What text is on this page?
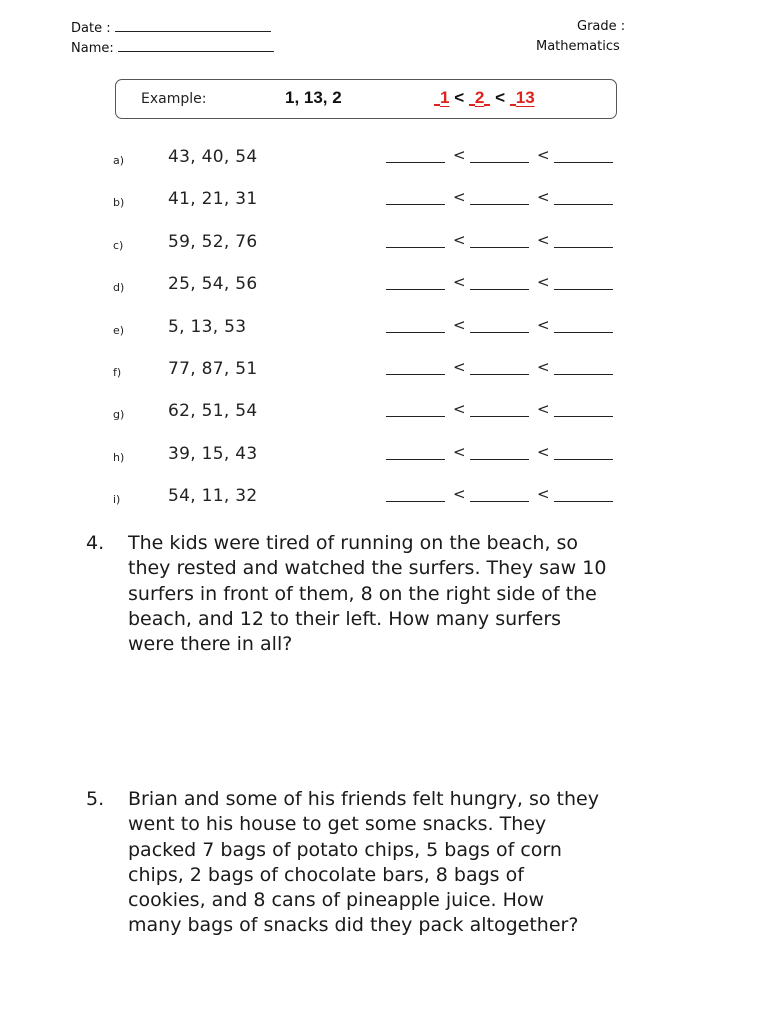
Date :
Name:
Grade :
Mathematics
Example:	1, 13, 2	1 < 2 < 13
a)	43, 40, 54	<	<
b)	41, 21, 31	<	<
c)	59, 52, 76	<	<
d)	25, 54, 56	<	<
e)	5, 13, 53	<	<
f)	77, 87, 51	<	<
g)	62, 51, 54	<	<
h)	39, 15, 43	<	<
i)	54, 11, 32	<	<
4. The kids were tired of running on the beach, so
they rested and watched the surfers. They saw 10
surfers in front of them, 8 on the right side of the
beach, and 12 to their left. How many surfers
were there in all?
5. Brian and some of his friends felt hungry, so they
went to his house to get some snacks. They
packed 7 bags of potato chips, 5 bags of corn
chips, 2 bags of chocolate bars, 8 bags of
cookies, and 8 cans of pineapple juice. How
many bags of snacks did they pack altogether?
